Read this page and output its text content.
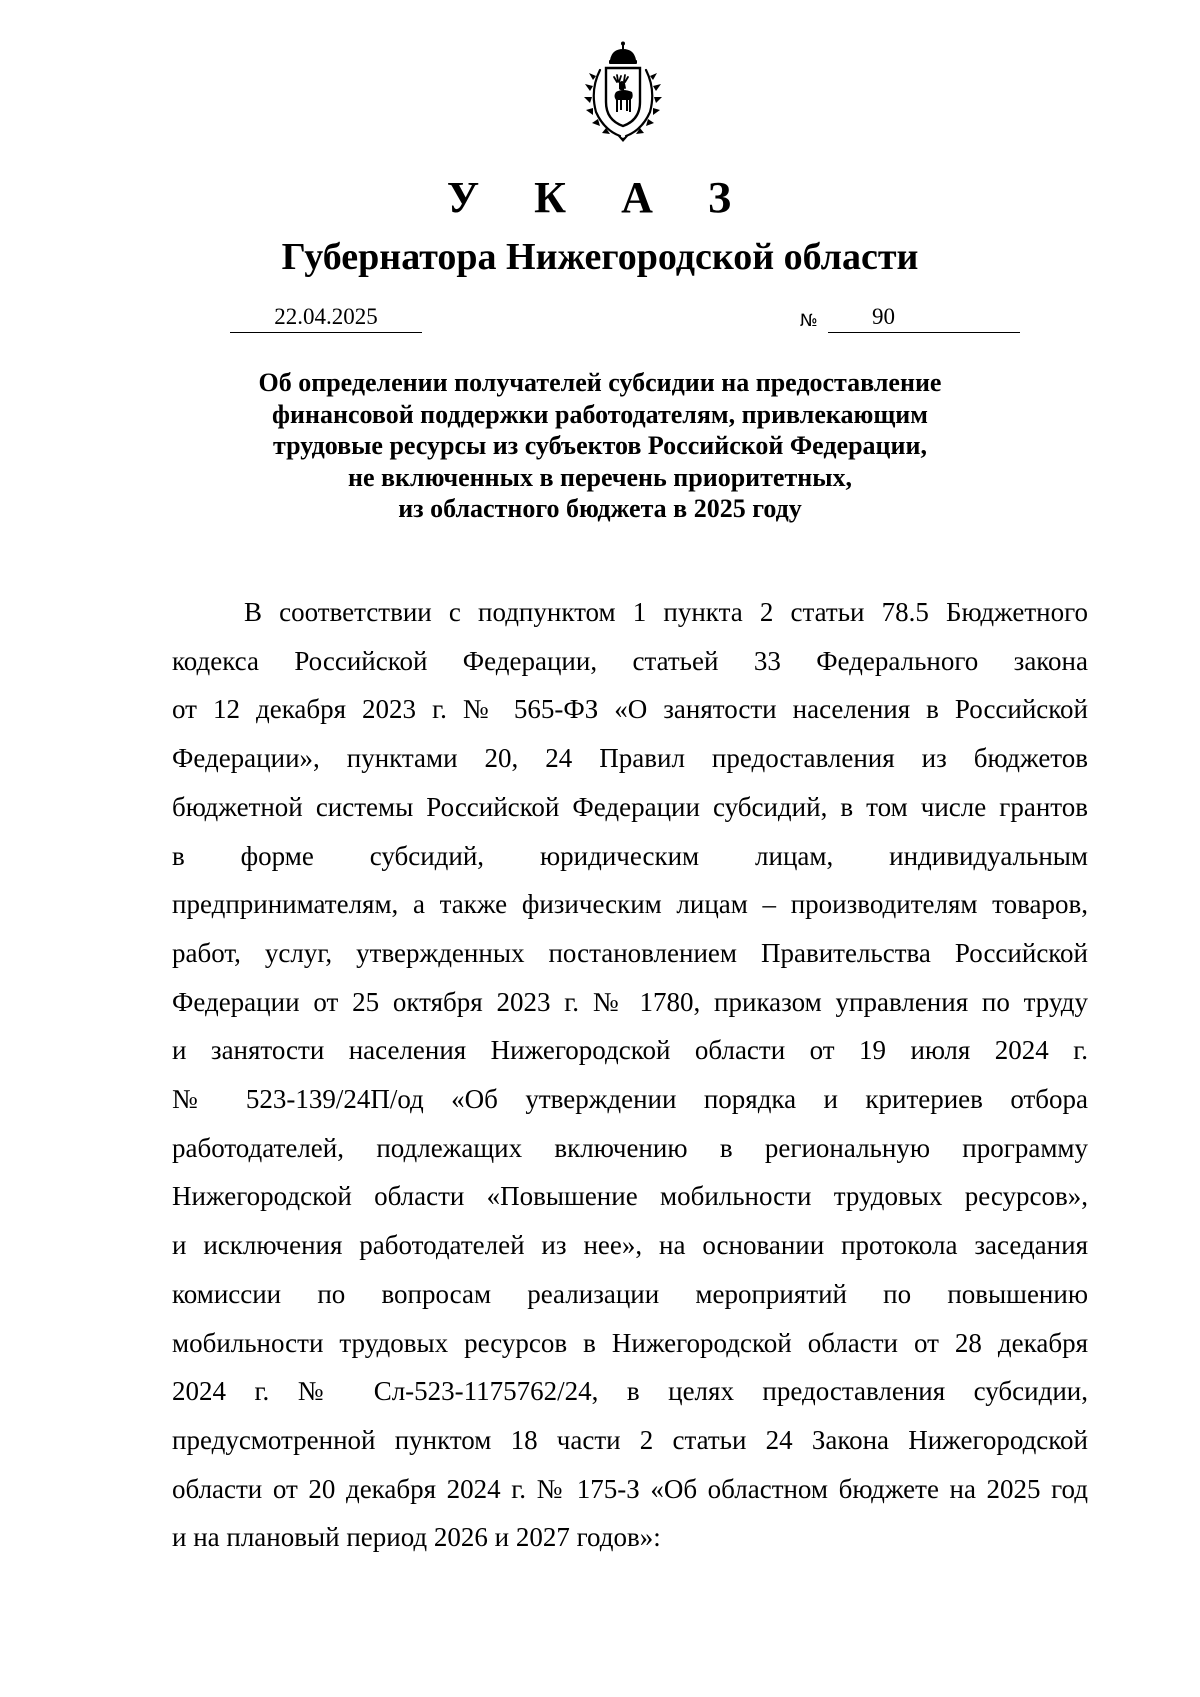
У К А З
Губернатора Нижегородской области
22.04.2025	№	90
Об определении получателей субсидии на предоставление
финансовой поддержки работодателям, привлекающим
трудовые ресурсы из субъектов Российской Федерации,
не включенных в перечень приоритетных,
из областного бюджета в 2025 году
В соответствии с подпунктом 1 пункта 2 статьи 78.5 Бюджетного
кодекса Российской Федерации, статьей 33 Федерального закона
от 12 декабря 2023 г. № 565-ФЗ «О занятости населения в Российской
Федерации», пунктами 20, 24 Правил предоставления из бюджетов
бюджетной системы Российской Федерации субсидий, в том числе грантов
в форме субсидий, юридическим лицам, индивидуальным
предпринимателям, а также физическим лицам – производителям товаров,
работ, услуг, утвержденных постановлением Правительства Российской
Федерации от 25 октября 2023 г. № 1780, приказом управления по труду
и занятости населения Нижегородской области от 19 июля 2024 г.
№ 523-139/24П/од «Об утверждении порядка и критериев отбора
работодателей, подлежащих включению в региональную программу
Нижегородской области «Повышение мобильности трудовых ресурсов»,
и исключения работодателей из нее», на основании протокола заседания
комиссии по вопросам реализации мероприятий по повышению
мобильности трудовых ресурсов в Нижегородской области от 28 декабря
2024 г. № Сл-523-1175762/24, в целях предоставления субсидии,
предусмотренной пунктом 18 части 2 статьи 24 Закона Нижегородской
области от 20 декабря 2024 г. № 175-З «Об областном бюджете на 2025 год
и на плановый период 2026 и 2027 годов»:
